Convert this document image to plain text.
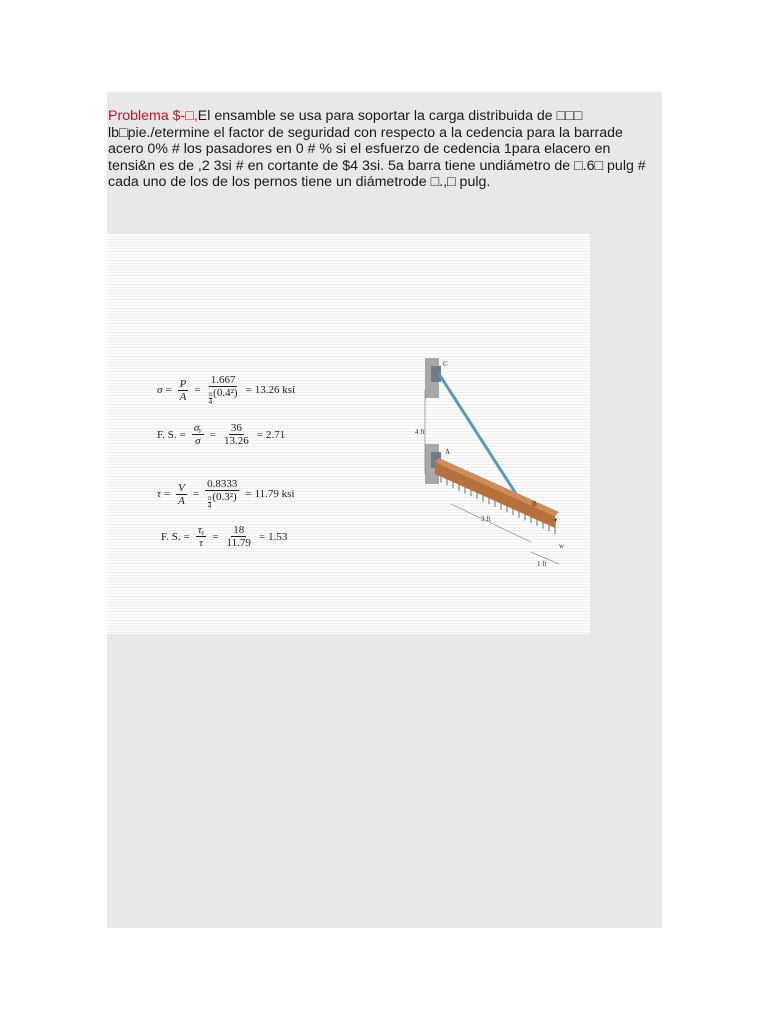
Problema $-□,El ensamble se usa para soportar la carga distribuida de □□□ lb□pie./etermine el factor de seguridad con respecto a la cedencia para la barrade acero 0% # los pasadores en 0 # % si el esfuerzo de cedencia 1para elacero en tensi&n es de ,2 3si # en cortante de $4 3si. 5a barra tiene undiámetro de □.6□ pulg # cada uno de los de los pernos tiene un diámetrode □.,□ pulg.

$\sigma = \frac{P}{A} = \frac{1.667}{\frac{\pi}{4} (0.4^2)} = 13.26$ ksi
F. S. = $\frac{\text{σᵧ}}{\sigma} = \frac{36}{13.26} = 2.71$
$\tau = \frac{V}{A} = \frac{0.8333}{\frac{\pi}{4} (0.3^2)} = 11.79$ ksi
F. S. = $\frac{\text{τᵧ}}{\tau} = \frac{18}{11.79} = 1.53$
4 ft
C
A
B
w
3 ft
1 ft
